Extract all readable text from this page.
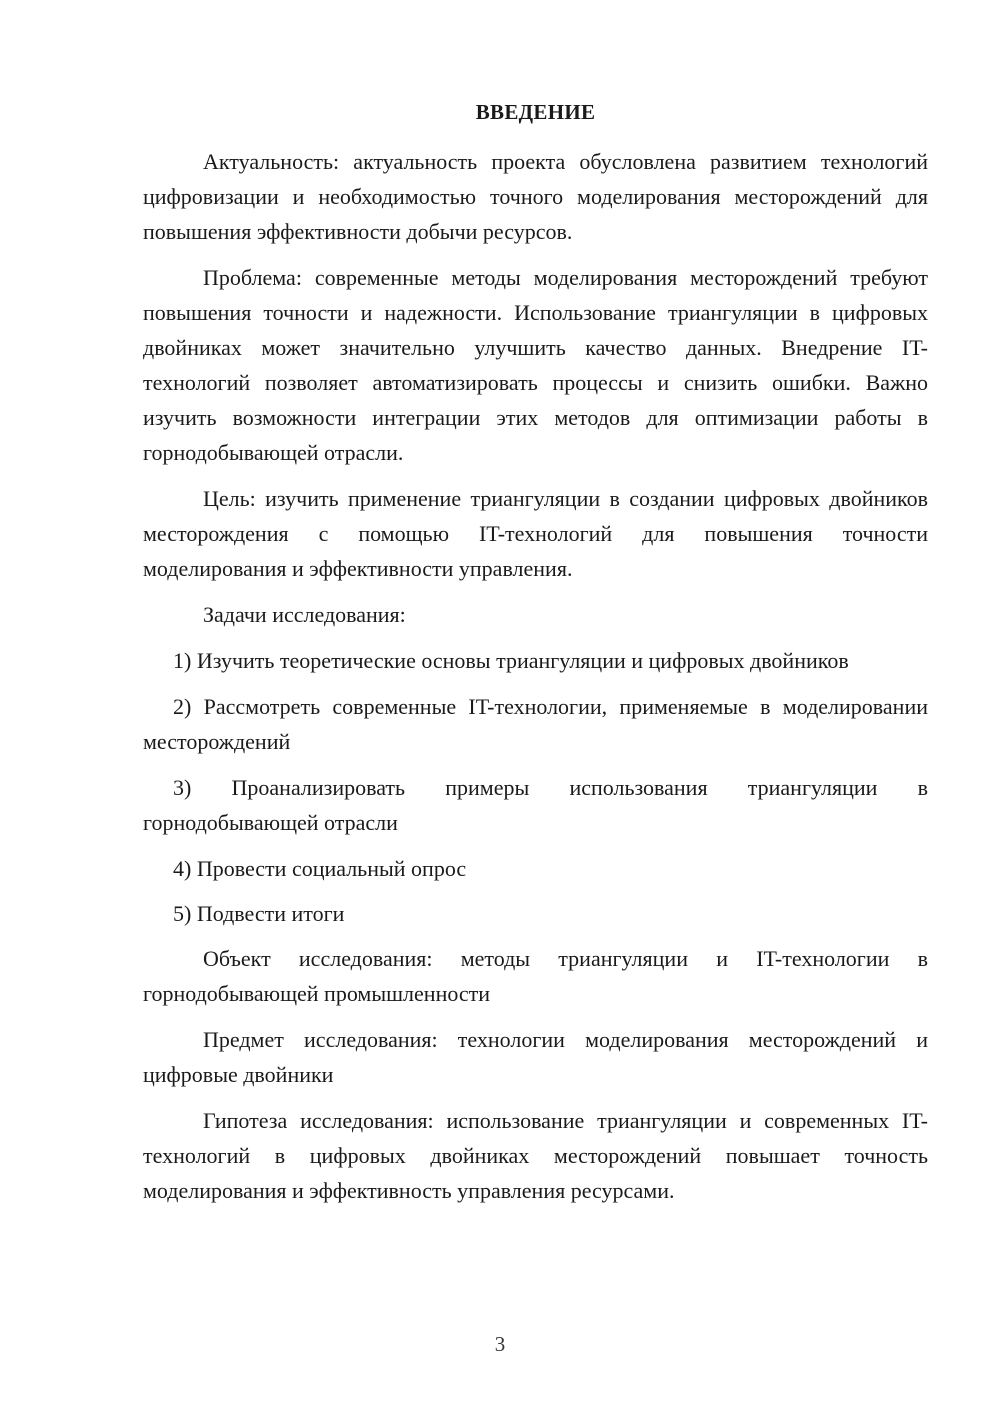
ВВЕДЕНИЕ

Актуальность: актуальность проекта обусловлена развитием технологий цифровизации и необходимостью точного моделирования месторождений для повышения эффективности добычи ресурсов.

Проблема: современные методы моделирования месторождений требуют повышения точности и надежности. Использование триангуляции в цифровых двойниках может значительно улучшить качество данных. Внедрение IT-технологий позволяет автоматизировать процессы и снизить ошибки. Важно изучить возможности интеграции этих методов для оптимизации работы в горнодобывающей отрасли.

Цель: изучить применение триангуляции в создании цифровых двойников месторождения с помощью IT-технологий для повышения точности моделирования и эффективности управления.

Задачи исследования:

1) Изучить теоретические основы триангуляции и цифровых двойников

2) Рассмотреть современные IT-технологии, применяемые в моделировании месторождений

3) Проанализировать примеры использования триангуляции в горнодобывающей отрасли

4) Провести социальный опрос

5) Подвести итоги

Объект исследования: методы триангуляции и IT-технологии в горнодобывающей промышленности

Предмет исследования: технологии моделирования месторождений и цифровые двойники

Гипотеза исследования: использование триангуляции и современных IT-технологий в цифровых двойниках месторождений повышает точность моделирования и эффективность управления ресурсами.

3
